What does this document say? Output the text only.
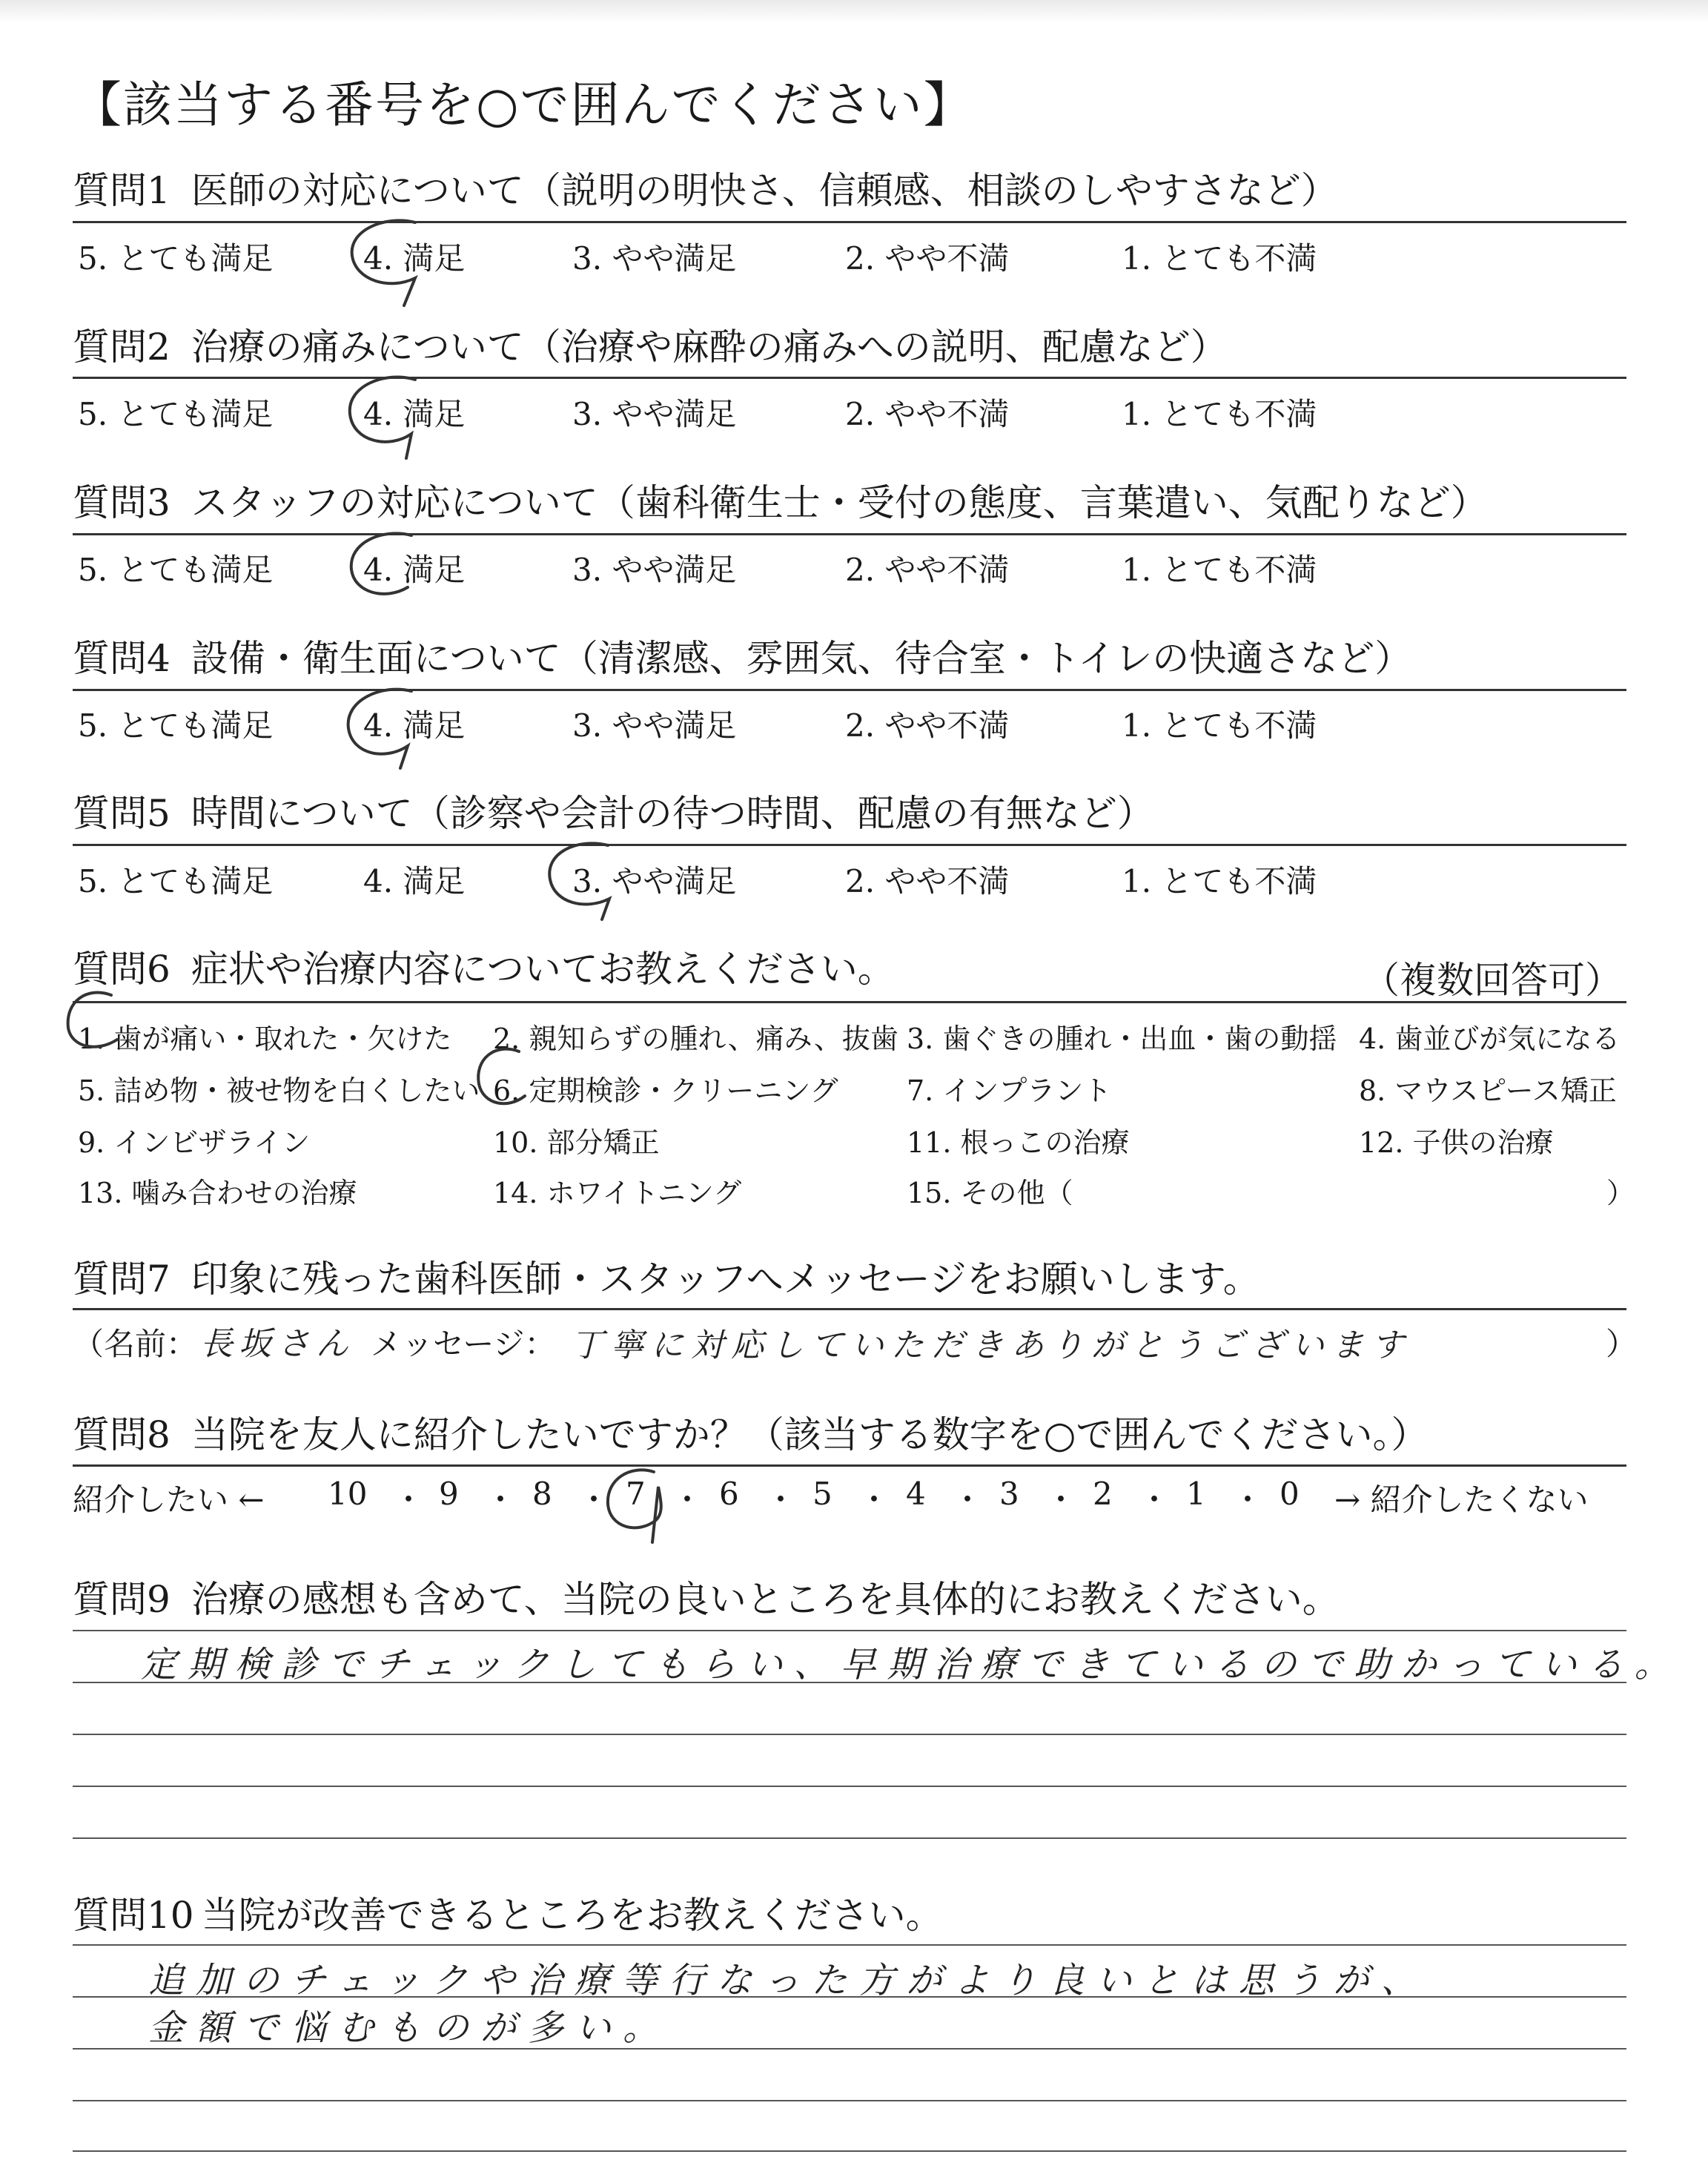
【該当する番号を○で囲んでください】
質問1 医師の対応について（説明の明快さ、信頼感、相談のしやすさなど）
5. とても満足	4. 満足	3. やや満足	2. やや不満	1. とても不満
質問2 治療の痛みについて（治療や麻酔の痛みへの説明、配慮など）
5. とても満足	4. 満足	3. やや満足	2. やや不満	1. とても不満
質問3 スタッフの対応について（歯科衛生士・受付の態度、言葉遣い、気配りなど）
5. とても満足	4. 満足	3. やや満足	2. やや不満	1. とても不満
質問4 設備・衛生面について（清潔感、雰囲気、待合室・トイレの快適さなど）
5. とても満足	4. 満足	3. やや満足	2. やや不満	1. とても不満
質問5 時間について（診察や会計の待つ時間、配慮の有無など）
5. とても満足	4. 満足	3. やや満足	2. やや不満	1. とても不満
質問6 症状や治療内容についてお教えください。	（複数回答可）
1. 歯が痛い・取れた・欠けた 2. 親知らずの腫れ、痛み、抜歯 3. 歯ぐきの腫れ・出血・歯の動揺 4. 歯並びが気になる
5. 詰め物・被せ物を白くしたい 6. 定期検診・クリーニング 7. インプラント	8. マウスピース矯正
9. インビザライン	10. 部分矯正	11. 根っこの治療	12. 子供の治療
13. 噛み合わせの治療	14. ホワイトニング	15. その他（	）
質問7 印象に残った歯科医師・スタッフへメッセージをお願いします。
（名前： 長坂さん メッセージ： 丁寧に対応していただきありがとうございます	）
質問8 当院を友人に紹介したいですか？（該当する数字を○で囲んでください。）
紹介したい ← 10 ・ 9 ・ 8 ・ 7 ・ 6 ・ 5 ・ 4 ・ 3 ・ 2 ・ 1 ・ 0 → 紹介したくない
質問9 治療の感想も含めて、当院の良いところを具体的にお教えください。
定期検診でチェックしてもらい、早期治療できているので助かっている。
質問10 当院が改善できるところをお教えください。
追加のチェックや治療等行なった方がより良いとは思うが、
金額で悩むものが多い。
